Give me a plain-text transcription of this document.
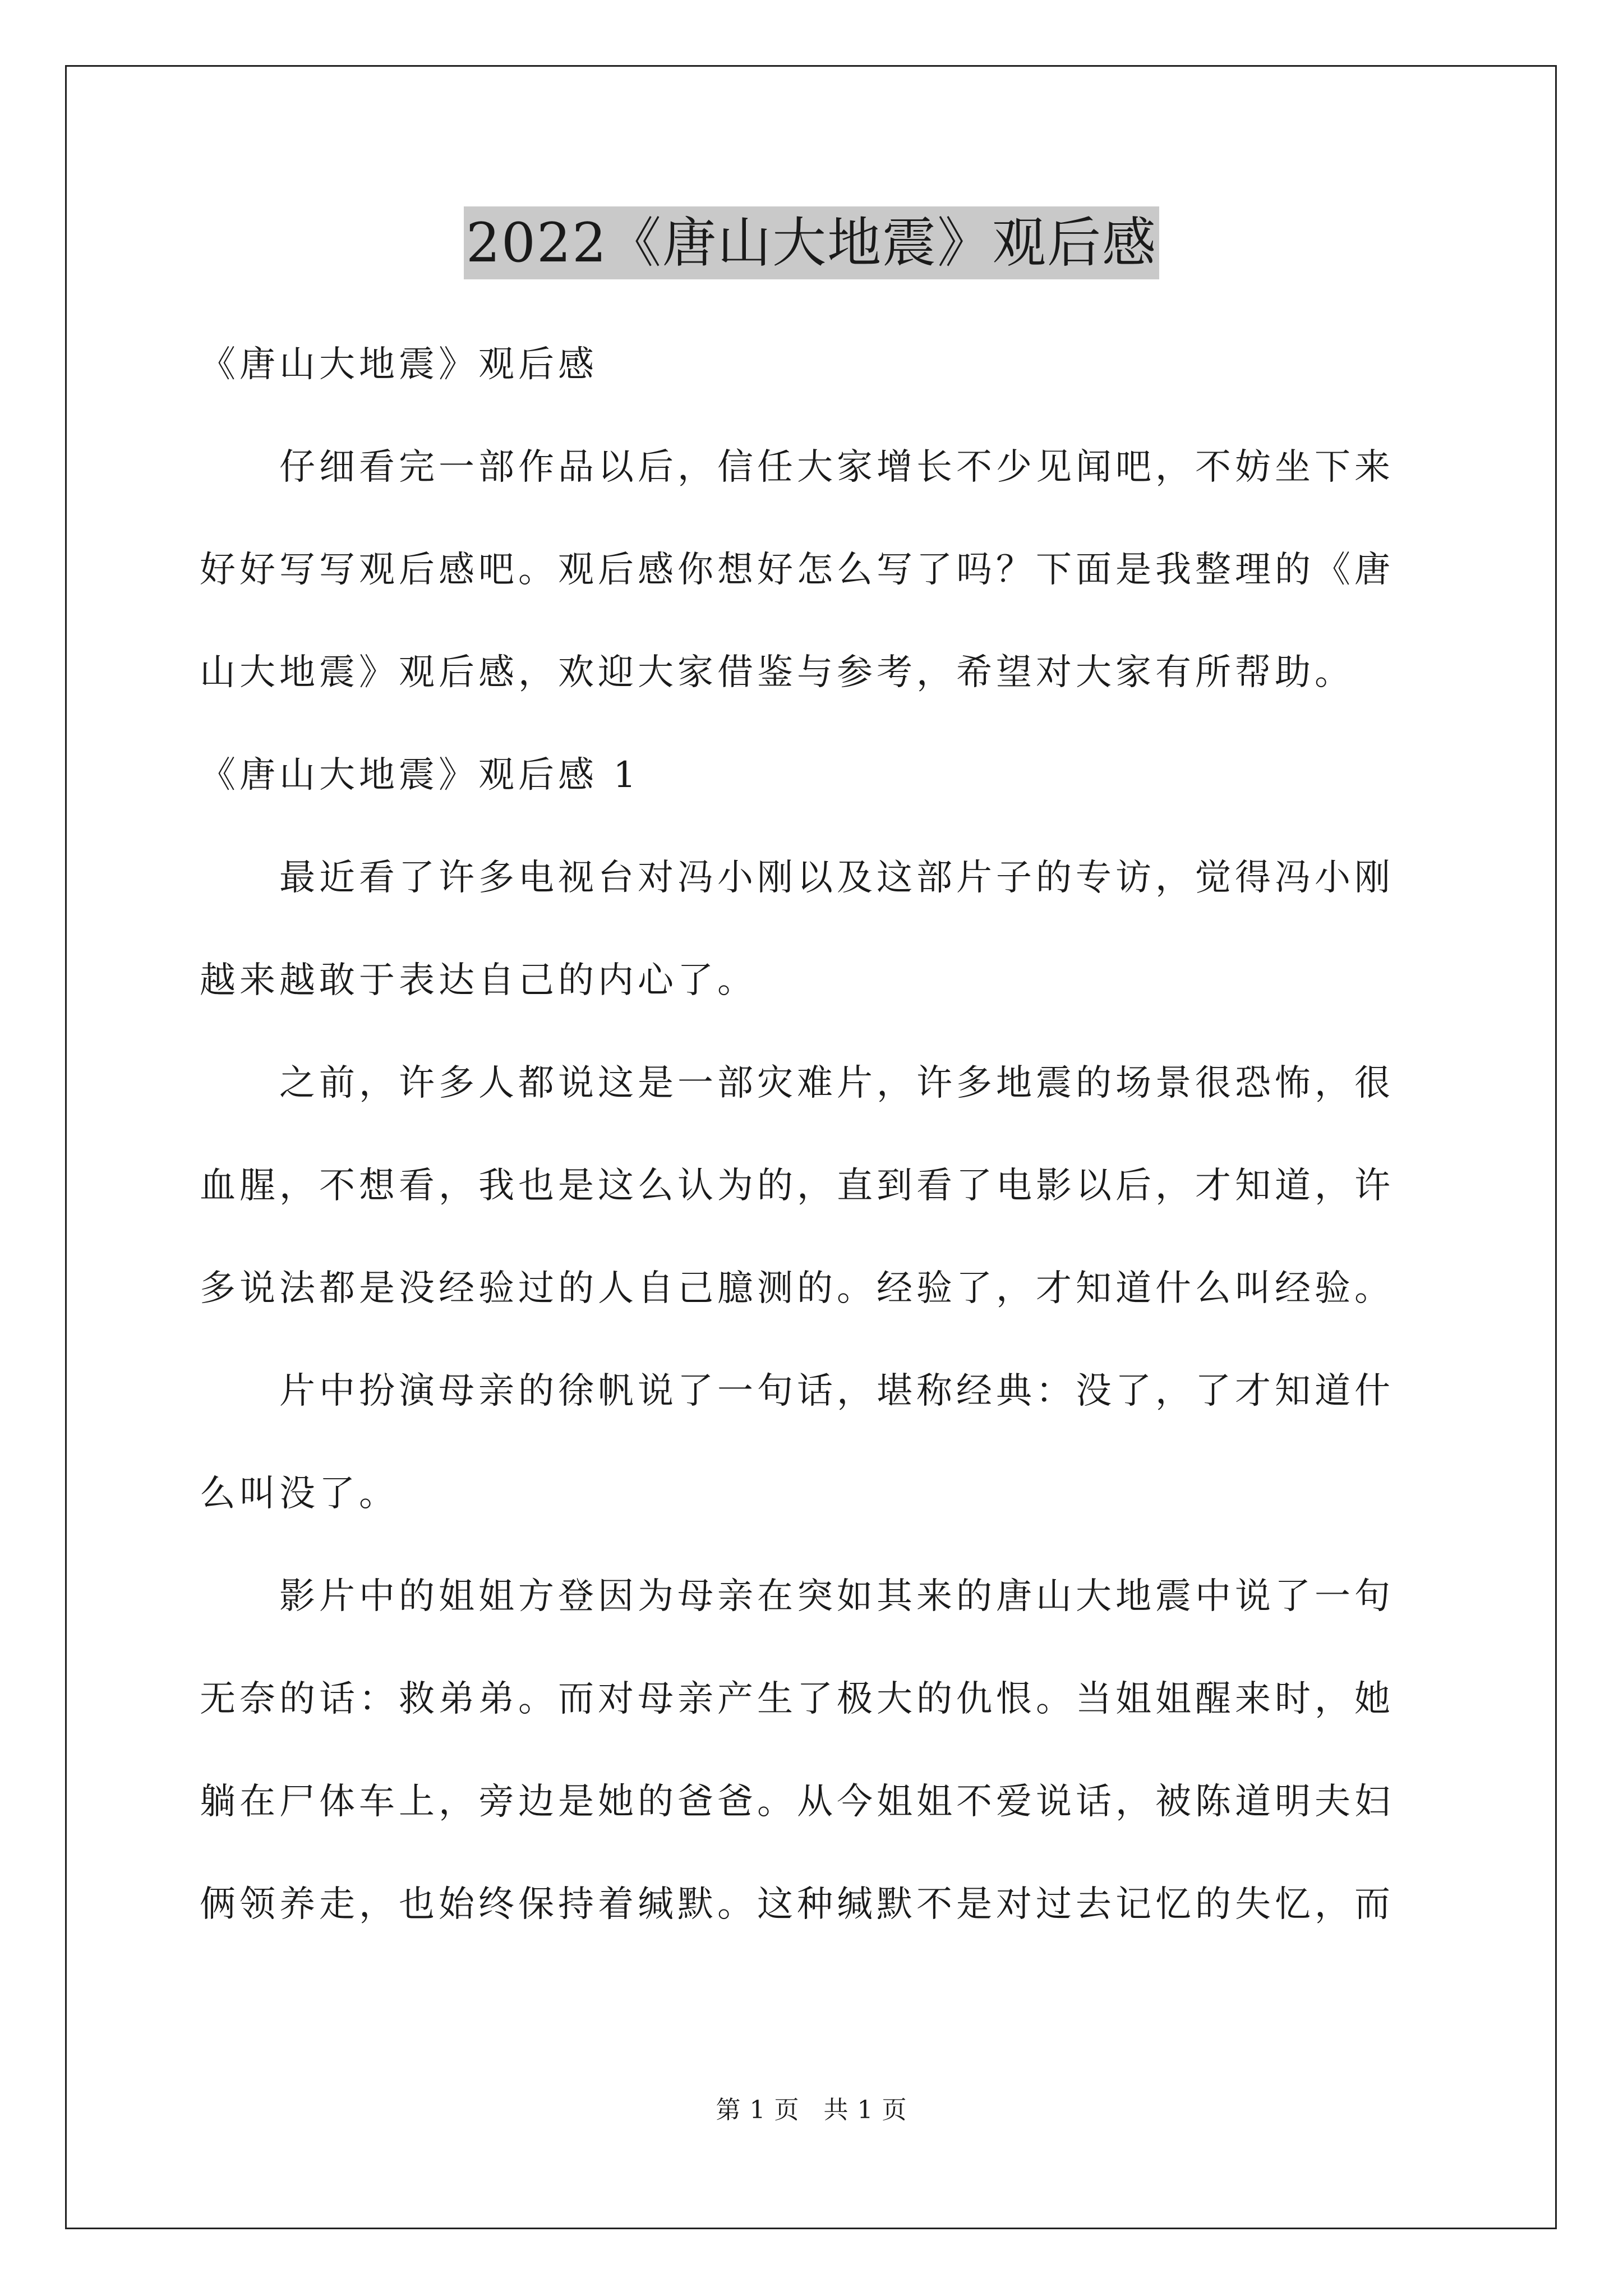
2022《唐山大地震》观后感
《唐山大地震》观后感
　　仔细看完一部作品以后，信任大家增长不少见闻吧，不妨坐下来
好好写写观后感吧。观后感你想好怎么写了吗？下面是我整理的《唐
山大地震》观后感，欢迎大家借鉴与参考，希望对大家有所帮助。
《唐山大地震》观后感 1
　　最近看了许多电视台对冯小刚以及这部片子的专访，觉得冯小刚
越来越敢于表达自己的内心了。
　　之前，许多人都说这是一部灾难片，许多地震的场景很恐怖，很
血腥，不想看，我也是这么认为的，直到看了电影以后，才知道，许
多说法都是没经验过的人自己臆测的。经验了，才知道什么叫经验。
　　片中扮演母亲的徐帆说了一句话，堪称经典：没了，了才知道什
么叫没了。
　　影片中的姐姐方登因为母亲在突如其来的唐山大地震中说了一句
无奈的话：救弟弟。而对母亲产生了极大的仇恨。当姐姐醒来时，她
躺在尸体车上，旁边是她的爸爸。从今姐姐不爱说话，被陈道明夫妇
俩领养走，也始终保持着缄默。这种缄默不是对过去记忆的失忆，而
第 1 页 共 1 页
